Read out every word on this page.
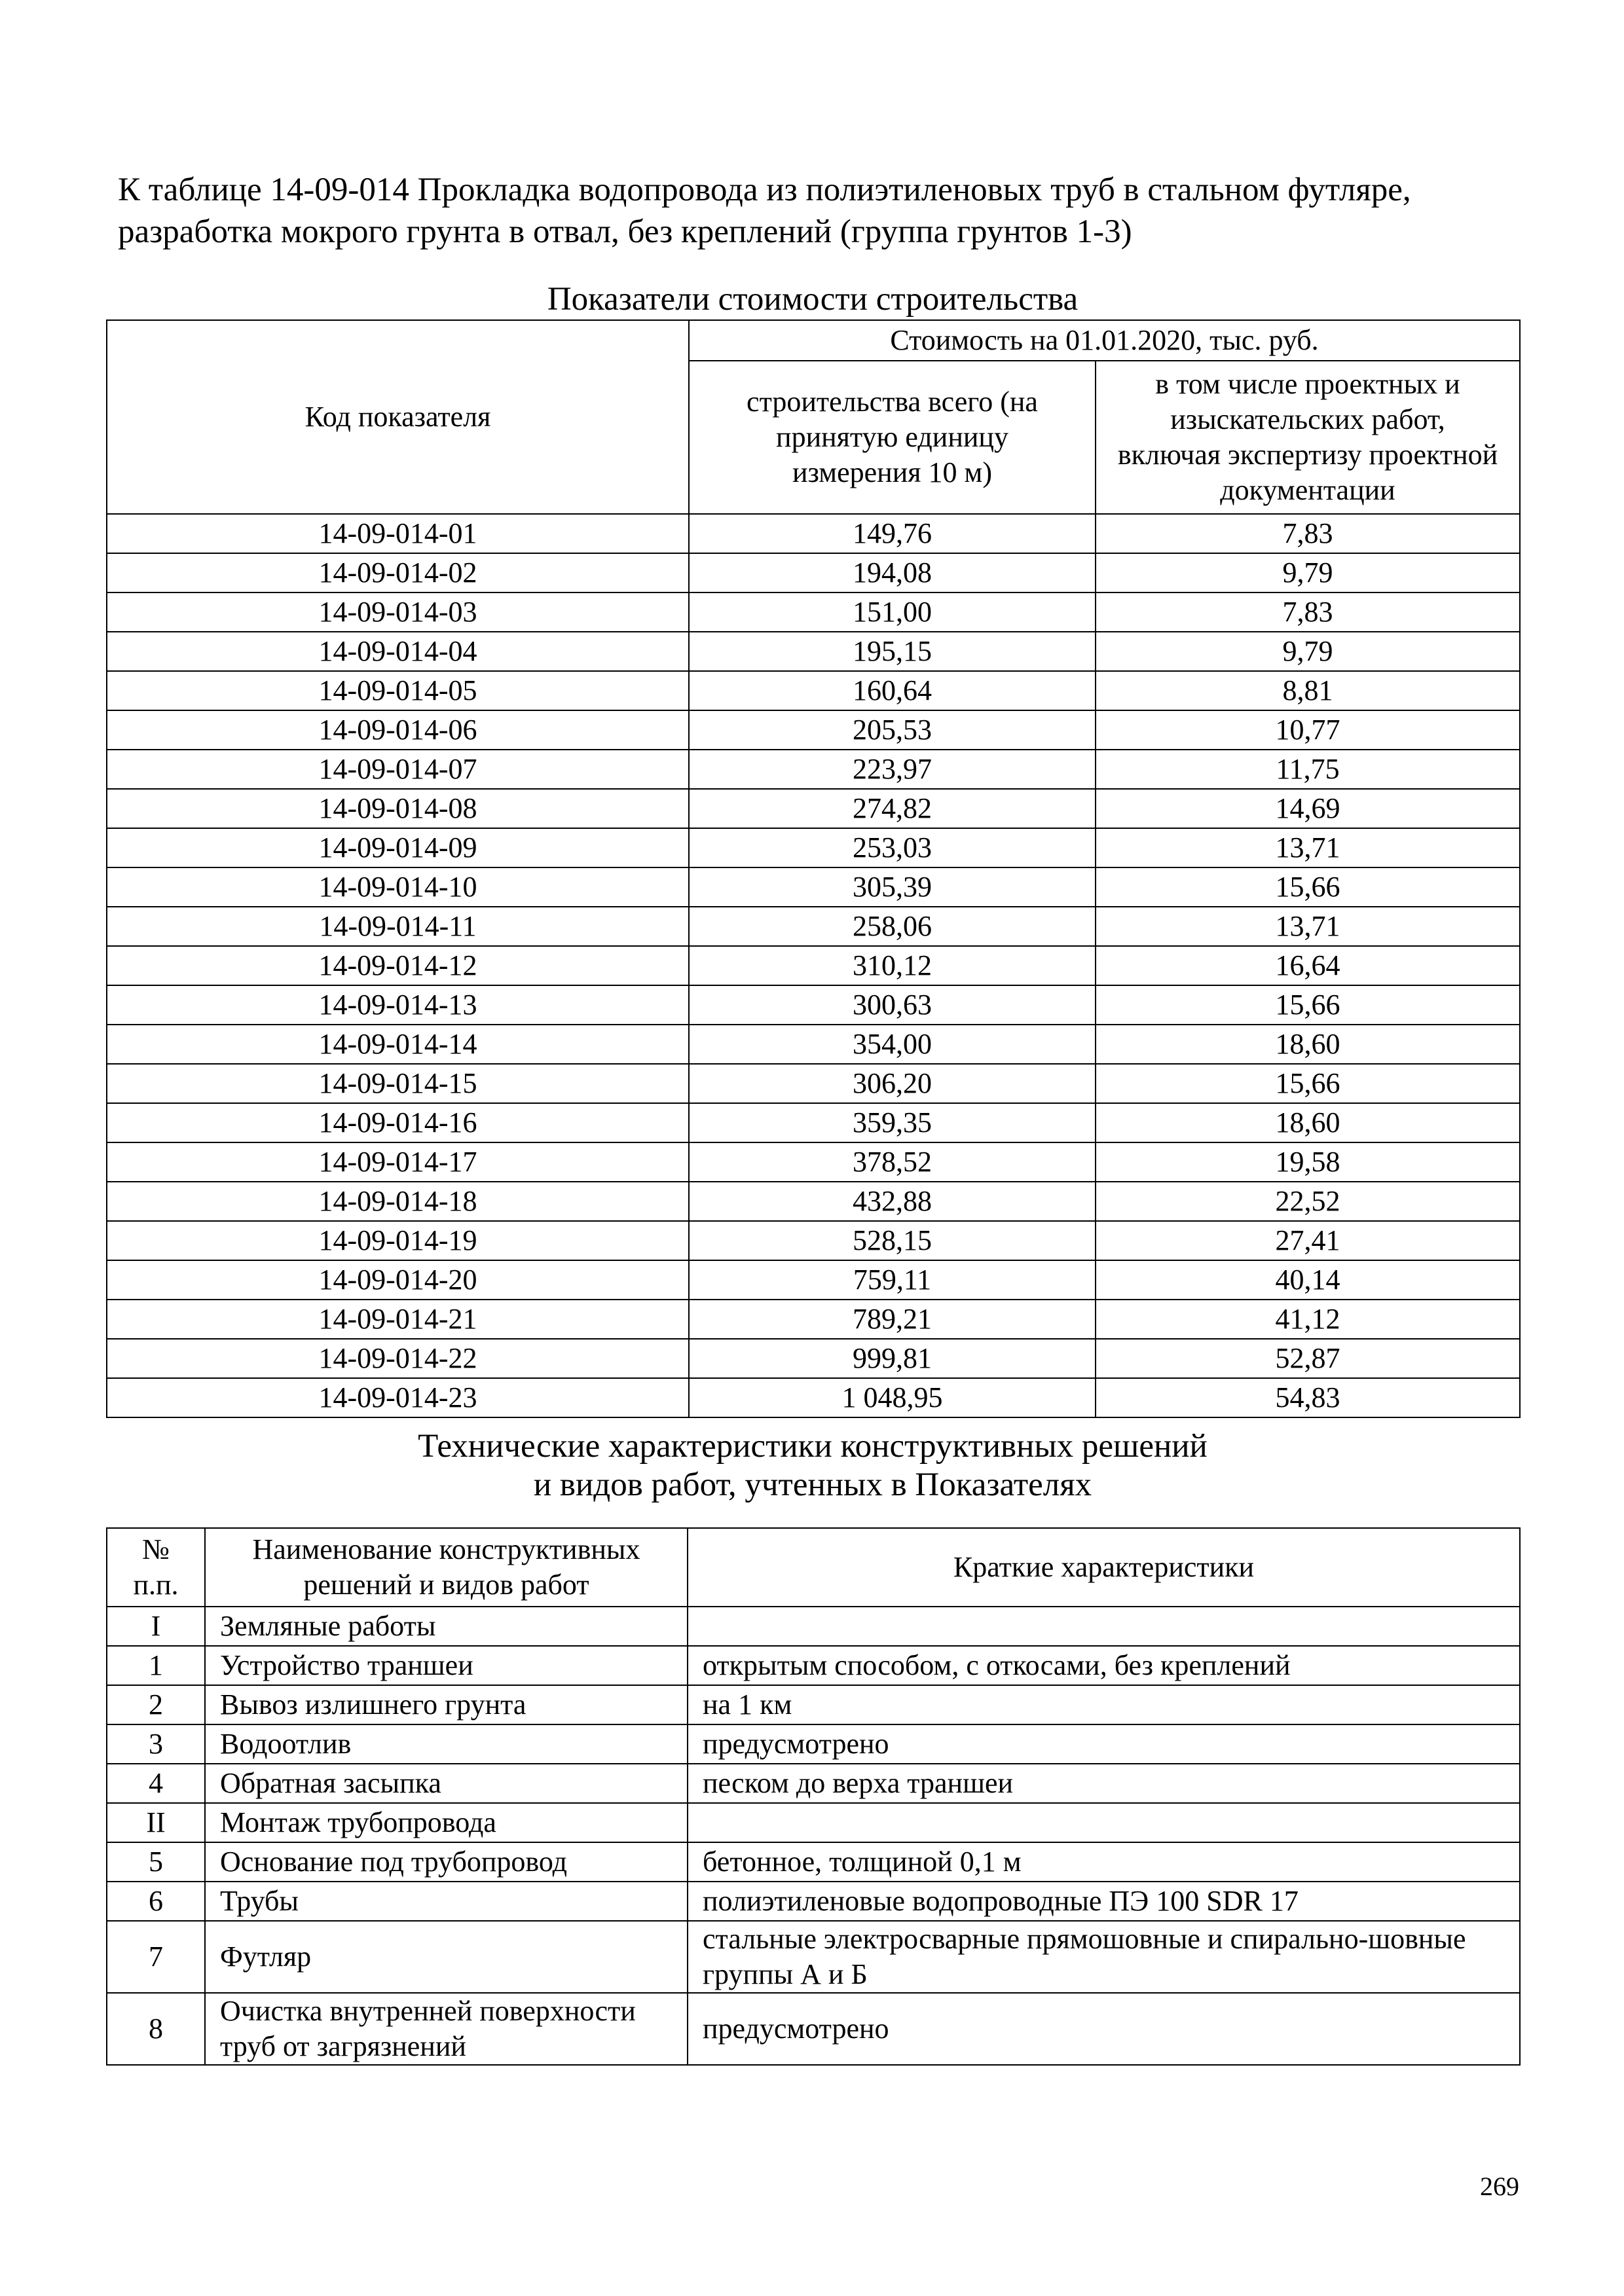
К таблице 14-09-014 Прокладка водопровода из полиэтиленовых труб в стальном футляре, разработка мокрого грунта в отвал, без креплений (группа грунтов 1-3)

Показатели стоимости строительства

Код показателя	Стоимость на 01.01.2020, тыс. руб.	
	строительства всего (на принятую единицу измерения 10 м)	в том числе проектных и изыскательских работ, включая экспертизу проектной документации
14-09-014-01	149,76	7,83
14-09-014-02	194,08	9,79
14-09-014-03	151,00	7,83
14-09-014-04	195,15	9,79
14-09-014-05	160,64	8,81
14-09-014-06	205,53	10,77
14-09-014-07	223,97	11,75
14-09-014-08	274,82	14,69
14-09-014-09	253,03	13,71
14-09-014-10	305,39	15,66
14-09-014-11	258,06	13,71
14-09-014-12	310,12	16,64
14-09-014-13	300,63	15,66
14-09-014-14	354,00	18,60
14-09-014-15	306,20	15,66
14-09-014-16	359,35	18,60
14-09-014-17	378,52	19,58
14-09-014-18	432,88	22,52
14-09-014-19	528,15	27,41
14-09-014-20	759,11	40,14
14-09-014-21	789,21	41,12
14-09-014-22	999,81	52,87
14-09-014-23	1 048,95	54,83
Технические характеристики конструктивных решений
и видов работ, учтенных в Показателях
№ п.п.	Наименование конструктивных решений и видов работ	Краткие характеристики
I	Земляные работы	
1	Устройство траншеи	открытым способом, с откосами, без креплений
2	Вывоз излишнего грунта	на 1 км
3	Водоотлив	предусмотрено
4	Обратная засыпка	песком до верха траншеи
II	Монтаж трубопровода	
5	Основание под трубопровод	бетонное, толщиной 0,1 м
6	Трубы	полиэтиленовые водопроводные ПЭ 100 SDR 17
7	Футляр	стальные электросварные прямошовные и спирально-шовные группы А и Б
8	Очистка внутренней поверхности труб от загрязнений	предусмотрено
269
